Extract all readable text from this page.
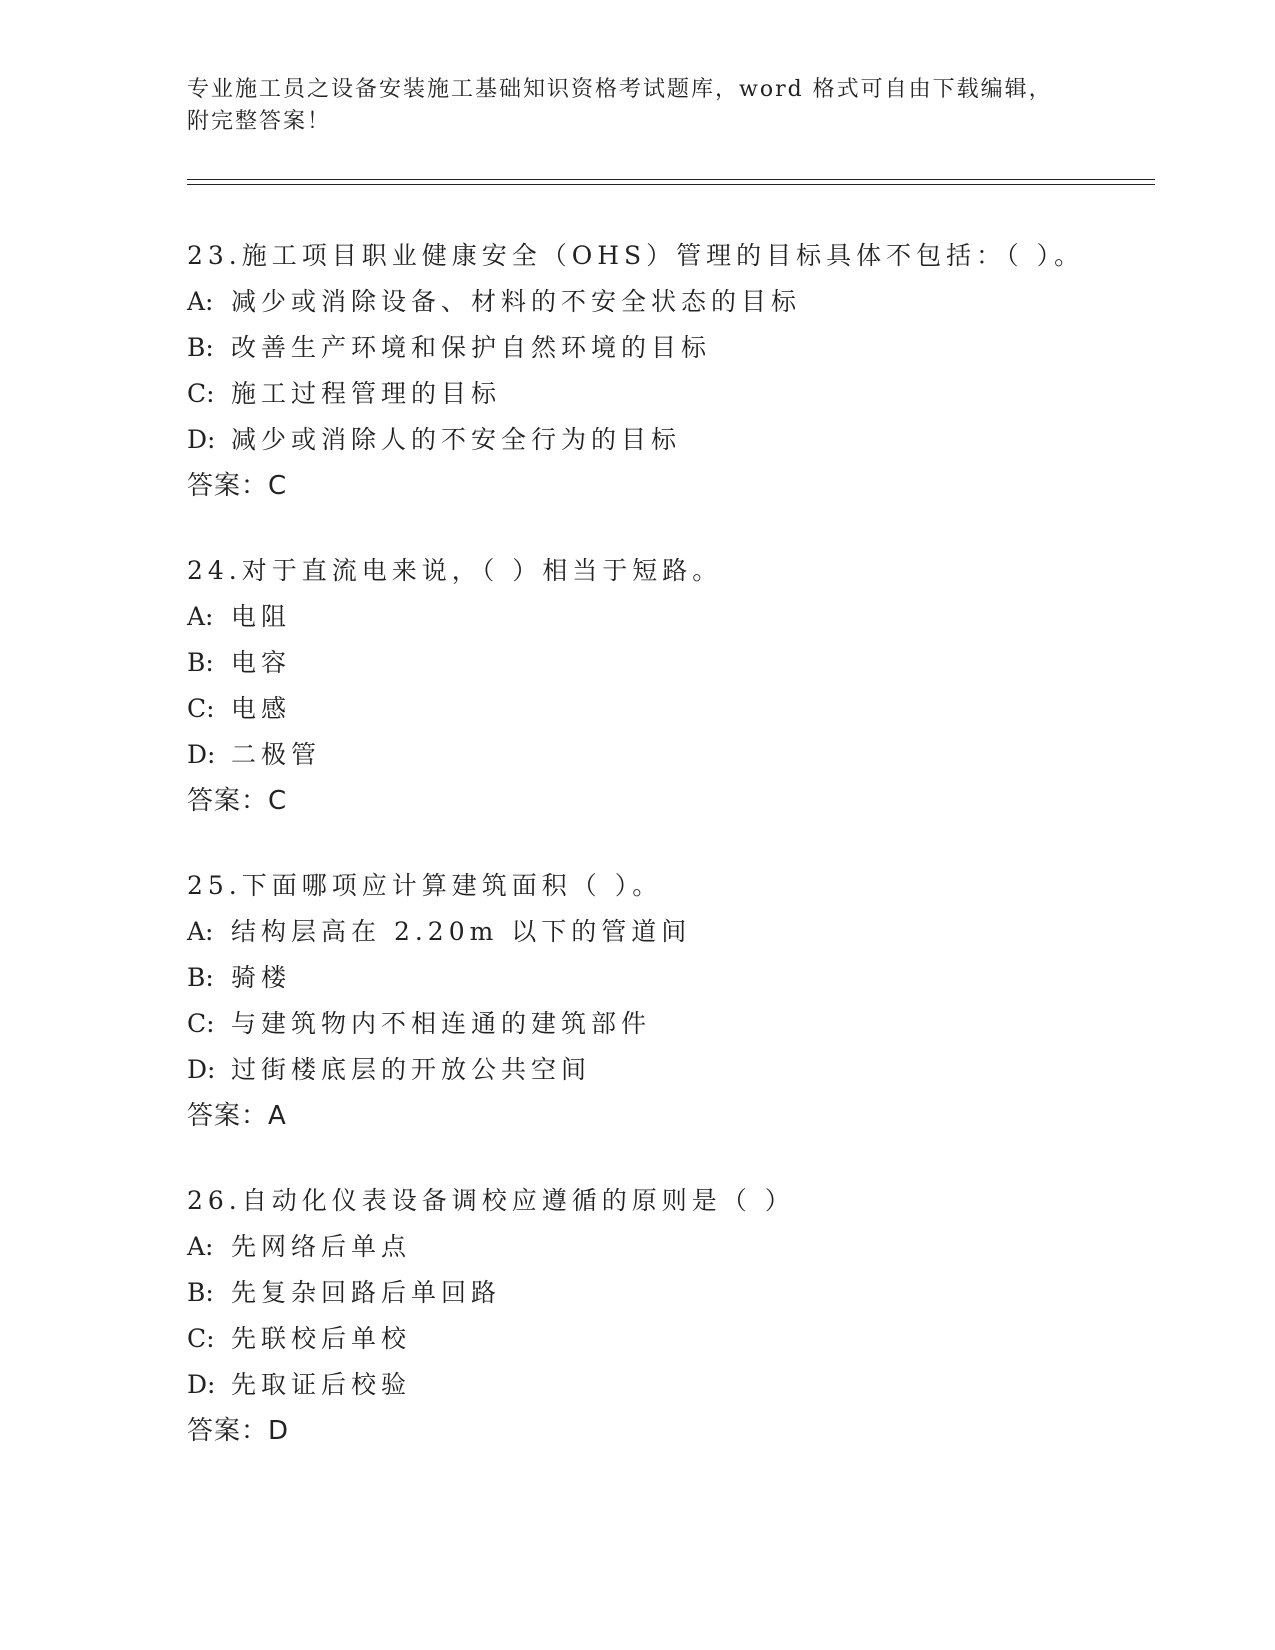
专业施工员之设备安装施工基础知识资格考试题库，word 格式可自由下载编辑，
附完整答案！
23.施工项目职业健康安全（OHS）管理的目标具体不包括：（ ）。
A: 减少或消除设备、材料的不安全状态的目标
B: 改善生产环境和保护自然环境的目标
C: 施工过程管理的目标
D: 减少或消除人的不安全行为的目标
答案：C
24.对于直流电来说，（ ）相当于短路。
A: 电阻
B: 电容
C: 电感
D: 二极管
答案：C
25.下面哪项应计算建筑面积（ ）。
A: 结构层高在 2.20m 以下的管道间
B: 骑楼
C: 与建筑物内不相连通的建筑部件
D: 过街楼底层的开放公共空间
答案：A
26.自动化仪表设备调校应遵循的原则是（ ）
A: 先网络后单点
B: 先复杂回路后单回路
C: 先联校后单校
D: 先取证后校验
答案：D
